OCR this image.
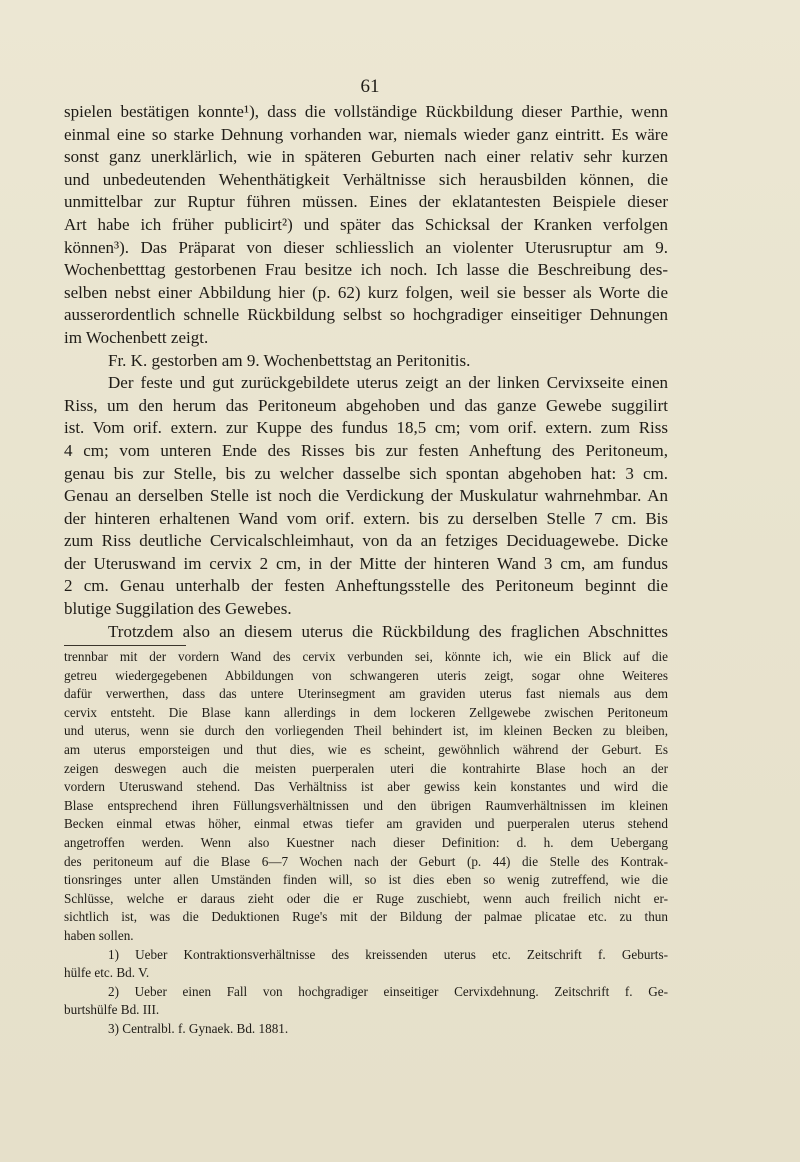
61

spielen bestätigen konnte¹), dass die vollständige Rückbildung dieser Parthie, wenn

einmal eine so starke Dehnung vorhanden war, niemals wieder ganz eintritt. Es wäre

sonst ganz unerklärlich, wie in späteren Geburten nach einer relativ sehr kurzen

und unbedeutenden Wehenthätigkeit Verhältnisse sich herausbilden können, die

unmittelbar zur Ruptur führen müssen. Eines der eklatantesten Beispiele dieser

Art habe ich früher publicirt²) und später das Schicksal der Kranken verfolgen

können³). Das Präparat von dieser schliesslich an violenter Uterusruptur am 9.

Wochenbetttag gestorbenen Frau besitze ich noch. Ich lasse die Beschreibung des-

selben nebst einer Abbildung hier (p. 62) kurz folgen, weil sie besser als Worte die

ausserordentlich schnelle Rückbildung selbst so hochgradiger einseitiger Dehnungen

im Wochenbett zeigt.

Fr. K. gestorben am 9. Wochenbettstag an Peritonitis.

Der feste und gut zurückgebildete uterus zeigt an der linken Cervixseite einen

Riss, um den herum das Peritoneum abgehoben und das ganze Gewebe suggilirt

ist. Vom orif. extern. zur Kuppe des fundus 18,5 cm; vom orif. extern. zum Riss

4 cm; vom unteren Ende des Risses bis zur festen Anheftung des Peritoneum,

genau bis zur Stelle, bis zu welcher dasselbe sich spontan abgehoben hat: 3 cm.

Genau an derselben Stelle ist noch die Verdickung der Muskulatur wahrnehmbar. An

der hinteren erhaltenen Wand vom orif. extern. bis zu derselben Stelle 7 cm. Bis

zum Riss deutliche Cervicalschleimhaut, von da an fetziges Deciduagewebe. Dicke

der Uteruswand im cervix 2 cm, in der Mitte der hinteren Wand 3 cm, am fundus

2 cm. Genau unterhalb der festen Anheftungsstelle des Peritoneum beginnt die

blutige Suggilation des Gewebes.

Trotzdem also an diesem uterus die Rückbildung des fraglichen Abschnittes

trennbar mit der vordern Wand des cervix verbunden sei, könnte ich, wie ein Blick auf die

getreu wiedergegebenen Abbildungen von schwangeren uteris zeigt, sogar ohne Weiteres

dafür verwerthen, dass das untere Uterinsegment am graviden uterus fast niemals aus dem

cervix entsteht. Die Blase kann allerdings in dem lockeren Zellgewebe zwischen Peritoneum

und uterus, wenn sie durch den vorliegenden Theil behindert ist, im kleinen Becken zu bleiben,

am uterus emporsteigen und thut dies, wie es scheint, gewöhnlich während der Geburt. Es

zeigen deswegen auch die meisten puerperalen uteri die kontrahirte Blase hoch an der

vordern Uteruswand stehend. Das Verhältniss ist aber gewiss kein konstantes und wird die

Blase entsprechend ihren Füllungsverhältnissen und den übrigen Raumverhältnissen im kleinen

Becken einmal etwas höher, einmal etwas tiefer am graviden und puerperalen uterus stehend

angetroffen werden. Wenn also Kuestner nach dieser Definition: d. h. dem Uebergang

des peritoneum auf die Blase 6—7 Wochen nach der Geburt (p. 44) die Stelle des Kontrak-

tionsringes unter allen Umständen finden will, so ist dies eben so wenig zutreffend, wie die

Schlüsse, welche er daraus zieht oder die er Ruge zuschiebt, wenn auch freilich nicht er-

sichtlich ist, was die Deduktionen Ruge's mit der Bildung der palmae plicatae etc. zu thun

haben sollen.

1) Ueber Kontraktionsverhältnisse des kreissenden uterus etc. Zeitschrift f. Geburts-

hülfe etc. Bd. V.

2) Ueber einen Fall von hochgradiger einseitiger Cervixdehnung. Zeitschrift f. Ge-

burtshülfe Bd. III.

3) Centralbl. f. Gynaek. Bd. 1881.
